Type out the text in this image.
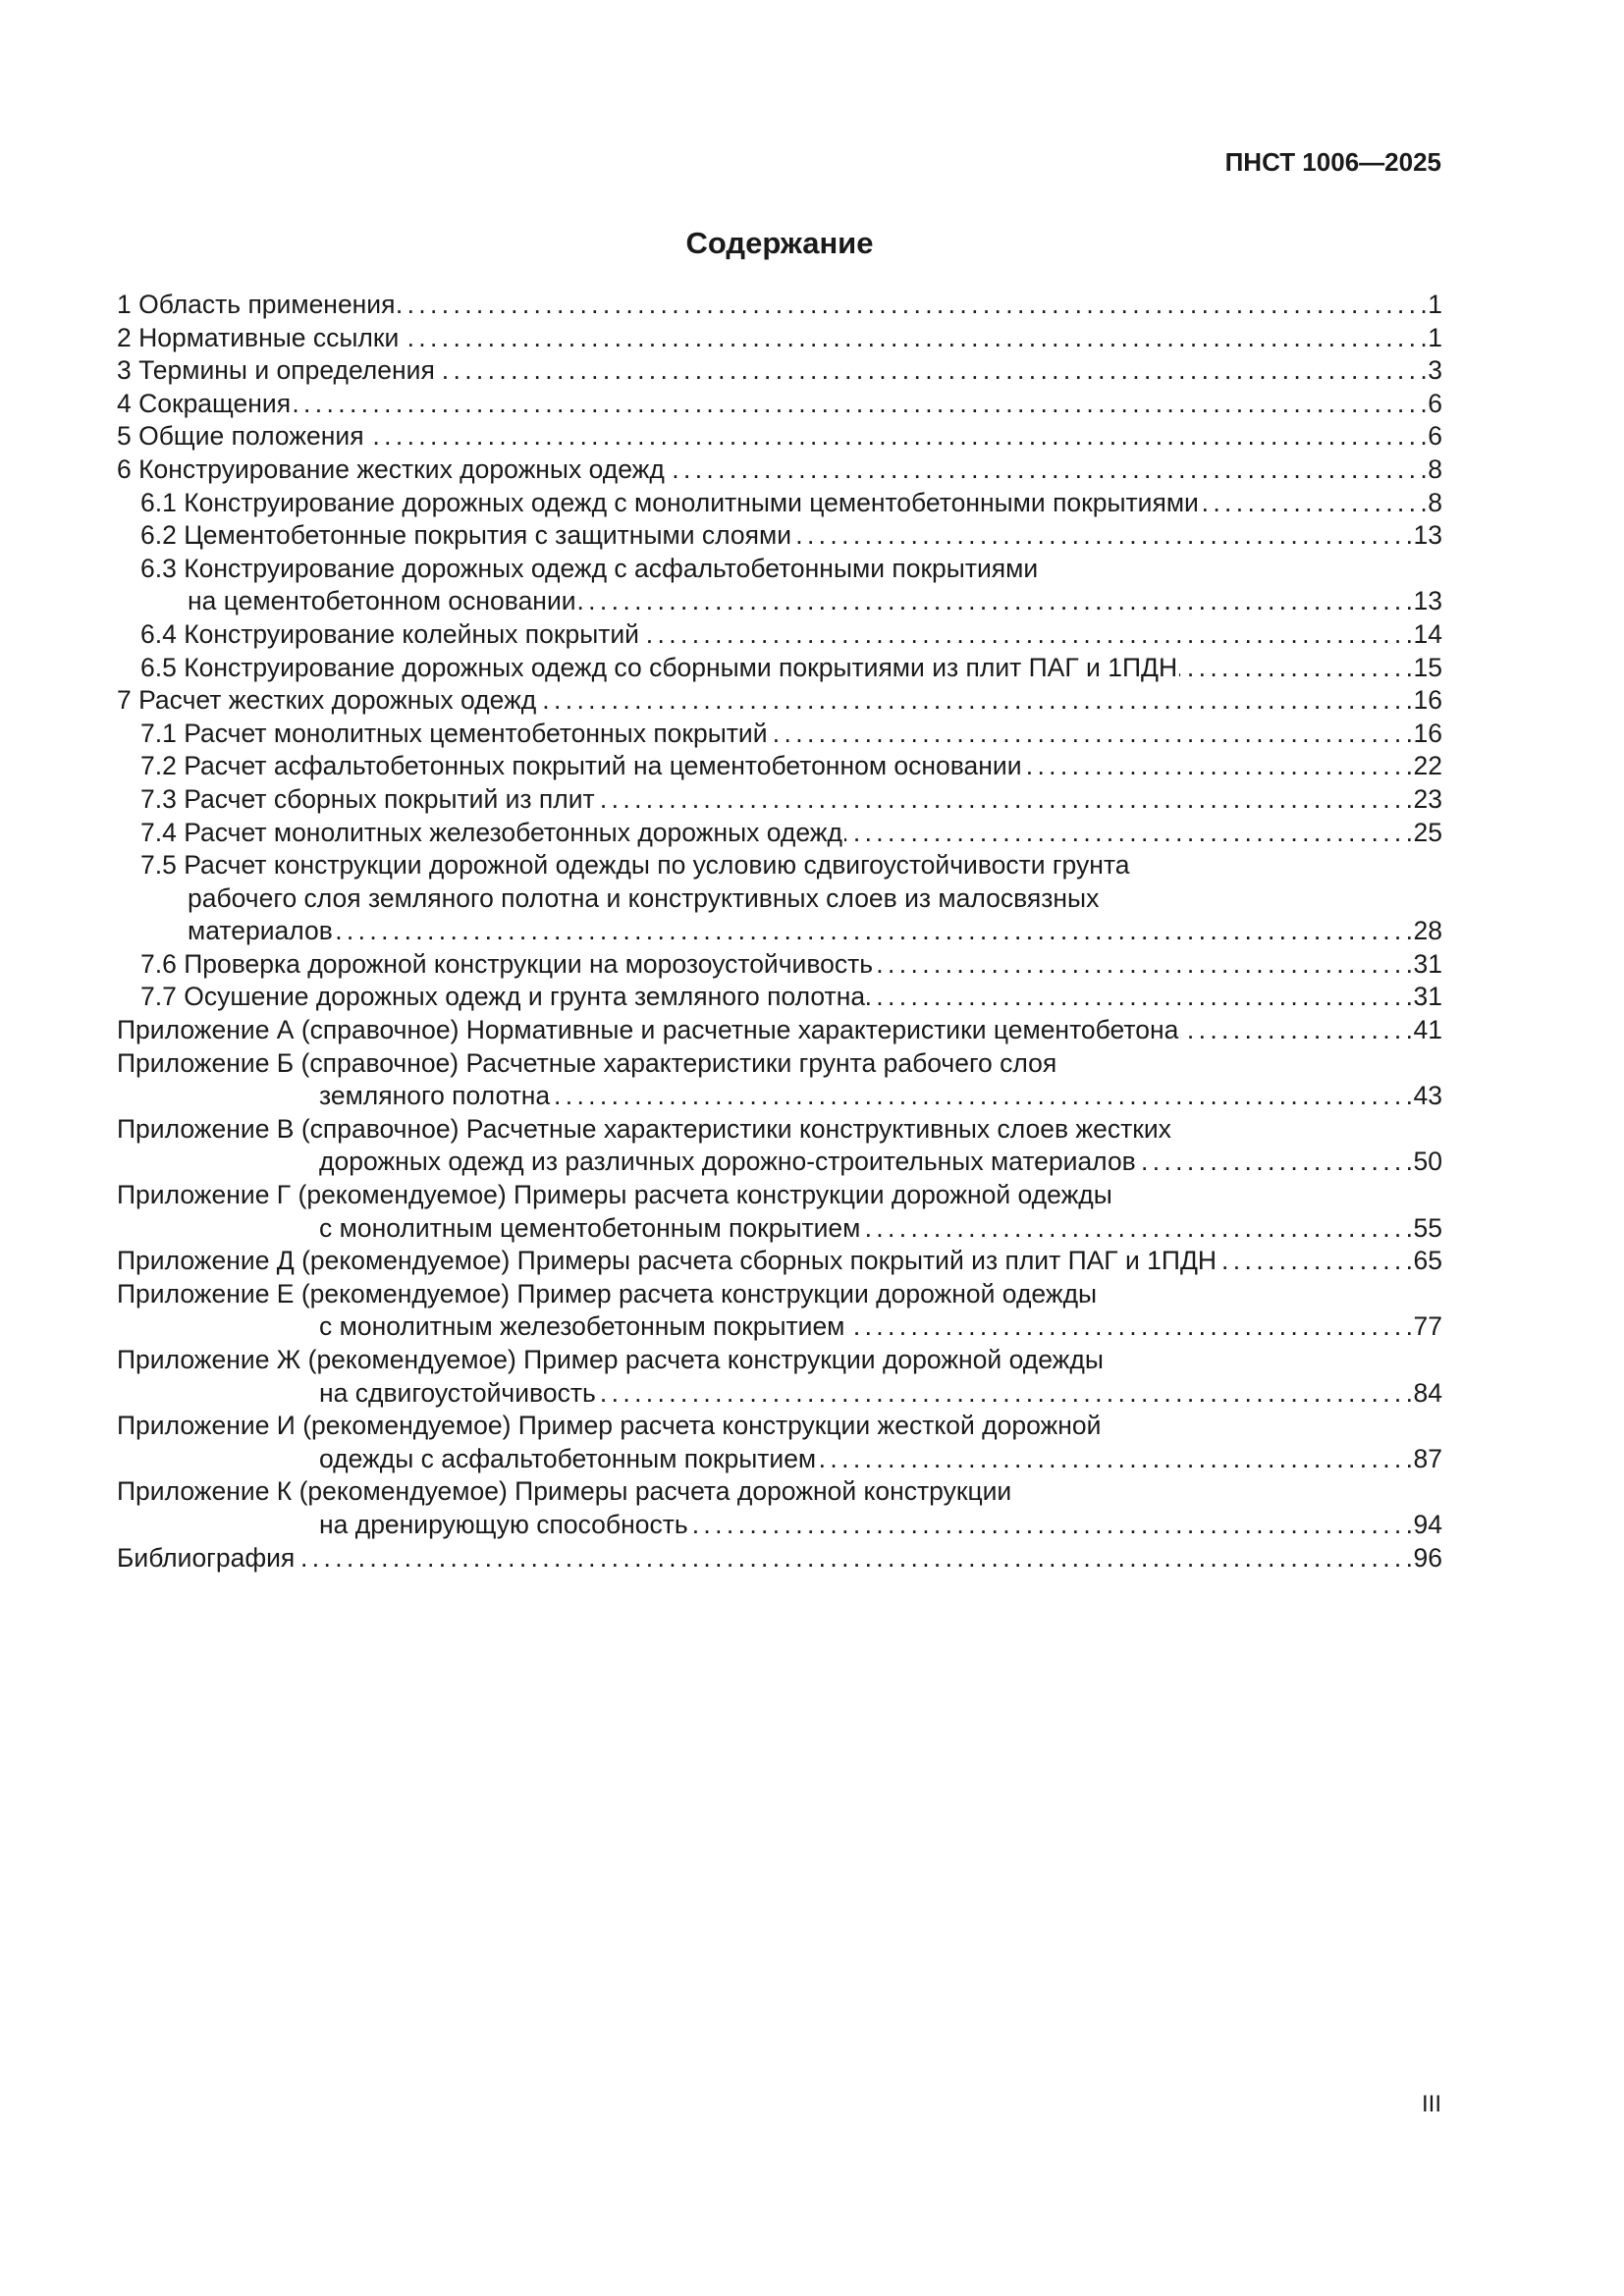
ПНСТ 1006—2025
Содержание
1 Область применения . . .	1
2 Нормативные ссылки . . .	1
3 Термины и определения . . .	3
4 Сокращения . . .	6
5 Общие положения . . .	6
6 Конструирование жестких дорожных одежд . . .	8
6.1 Конструирование дорожных одежд с монолитными цементобетонными покрытиями . . .	8
6.2 Цементобетонные покрытия с защитными слоями . . .	13
6.3 Конструирование дорожных одежд с асфальтобетонными покрытиями
на цементобетонном основании . . .	13
6.4 Конструирование колейных покрытий . . .	14
6.5 Конструирование дорожных одежд со сборными покрытиями из плит ПАГ и 1ПДН . . .	15
7 Расчет жестких дорожных одежд . . .	16
7.1 Расчет монолитных цементобетонных покрытий . . .	16
7.2 Расчет асфальтобетонных покрытий на цементобетонном основании . . .	22
7.3 Расчет сборных покрытий из плит . . .	23
7.4 Расчет монолитных железобетонных дорожных одежд . . .	25
7.5 Расчет конструкции дорожной одежды по условию сдвигоустойчивости грунта
рабочего слоя земляного полотна и конструктивных слоев из малосвязных
материалов . . .	28
7.6 Проверка дорожной конструкции на морозоустойчивость . . .	31
7.7 Осушение дорожных одежд и грунта земляного полотна . . .	31
Приложение А (справочное) Нормативные и расчетные характеристики цементобетона . . .	41
Приложение Б (справочное) Расчетные характеристики грунта рабочего слоя
земляного полотна . . .	43
Приложение В (справочное) Расчетные характеристики конструктивных слоев жестких
дорожных одежд из различных дорожно-строительных материалов . . .	50
Приложение Г (рекомендуемое) Примеры расчета конструкции дорожной одежды
с монолитным цементобетонным покрытием . . .	55
Приложение Д (рекомендуемое) Примеры расчета сборных покрытий из плит ПАГ и 1ПДН . . .	65
Приложение Е (рекомендуемое) Пример расчета конструкции дорожной одежды
с монолитным железобетонным покрытием . . .	77
Приложение Ж (рекомендуемое) Пример расчета конструкции дорожной одежды
на сдвигоустойчивость . . .	84
Приложение И (рекомендуемое) Пример расчета конструкции жесткой дорожной
одежды с асфальтобетонным покрытием . . .	87
Приложение К (рекомендуемое) Примеры расчета дорожной конструкции
на дренирующую способность . . .	94
Библиография . . .	96
III
